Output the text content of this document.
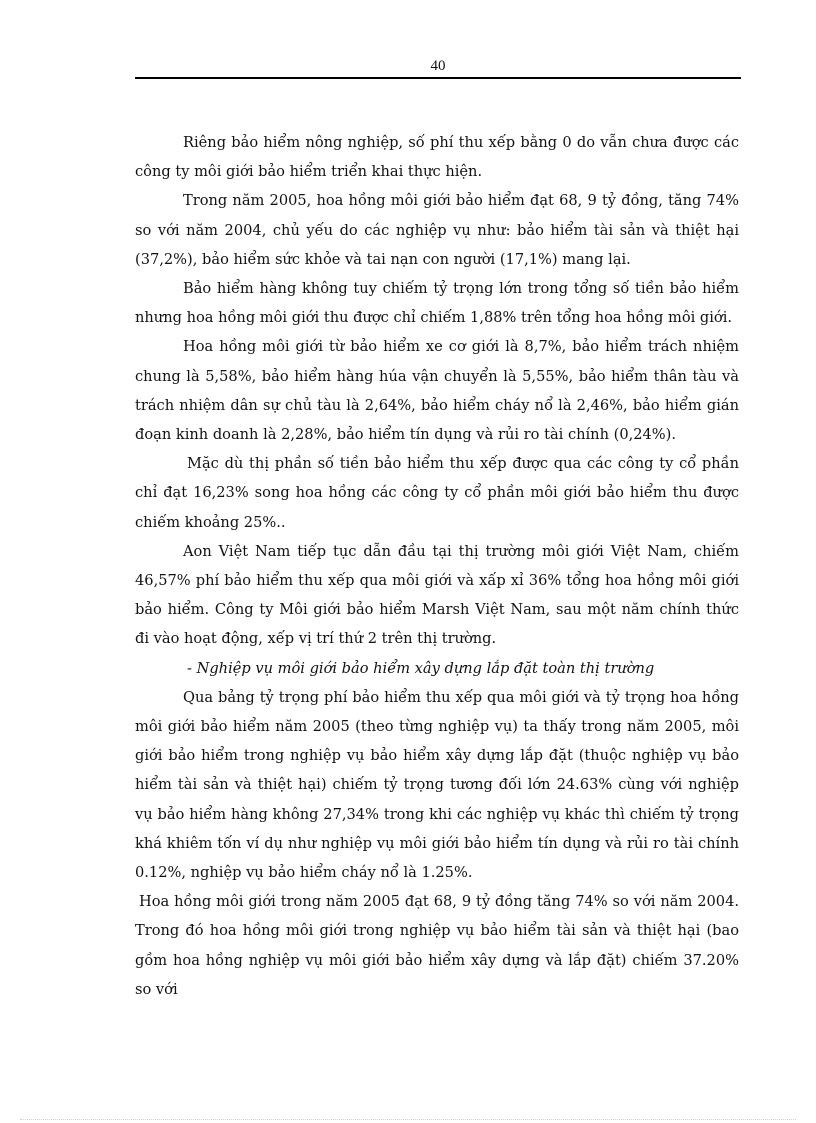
40

Riêng bảo hiểm nông nghiệp, số phí thu xếp bằng 0 do vẫn chưa được các công ty môi giới bảo hiểm triển khai thực hiện.

Trong năm 2005, hoa hồng môi giới bảo hiểm đạt 68, 9 tỷ đồng, tăng 74% so với năm 2004, chủ yếu do các nghiệp vụ như: bảo hiểm tài sản và thiệt hại (37,2%), bảo hiểm sức khỏe và tai nạn con người (17,1%) mang lại.

Bảo hiểm hàng không tuy chiếm tỷ trọng lớn trong tổng số tiền bảo hiểm nhưng hoa hồng môi giới thu được chỉ chiếm 1,88% trên tổng hoa hồng môi giới.

Hoa hồng môi giới từ bảo hiểm xe cơ giới là 8,7%, bảo hiểm trách nhiệm chung là 5,58%, bảo hiểm hàng húa vận chuyển là 5,55%, bảo hiểm thân tàu và trách nhiệm dân sự chủ tàu là 2,64%, bảo hiểm cháy nổ là 2,46%, bảo hiểm gián đoạn kinh doanh là 2,28%, bảo hiểm tín dụng và rủi ro tài chính (0,24%).

Mặc dù thị phần số tiền bảo hiểm thu xếp được qua các công ty cổ phần chỉ đạt 16,23% song hoa hồng các công ty cổ phần môi giới bảo hiểm thu được chiếm khoảng 25%..

Aon Việt Nam tiếp tục dẫn đầu tại thị trường môi giới Việt Nam, chiếm 46,57% phí bảo hiểm thu xếp qua môi giới và xấp xỉ 36% tổng hoa hồng môi giới bảo hiểm. Công ty Môi giới bảo hiểm Marsh Việt Nam, sau một năm chính thức đi vào hoạt động, xếp vị trí thứ 2 trên thị trường.

- Nghiệp vụ môi giới bảo hiểm xây dựng lắp đặt toàn thị trường

Qua bảng tỷ trọng phí bảo hiểm thu xếp qua môi giới và tỷ trọng hoa hồng môi giới bảo hiểm năm 2005 (theo từng nghiệp vụ) ta thấy trong năm 2005, môi giới bảo hiểm trong nghiệp vụ bảo hiểm xây dựng lắp đặt (thuộc nghiệp vụ bảo hiểm tài sản và thiệt hại) chiếm tỷ trọng tương đối lớn 24.63% cùng với nghiệp vụ bảo hiểm hàng không 27,34% trong khi các nghiệp vụ khác thì chiếm tỷ trọng khá khiêm tốn ví dụ như nghiệp vụ môi giới bảo hiểm tín dụng và rủi ro tài chính 0.12%, nghiệp vụ bảo hiểm cháy nổ là 1.25%.

Hoa hồng môi giới trong năm 2005 đạt 68, 9 tỷ đồng tăng 74% so với năm 2004. Trong đó hoa hồng môi giới trong nghiệp vụ bảo hiểm tài sản và thiệt hại (bao gồm hoa hồng nghiệp vụ môi giới bảo hiểm xây dựng và lắp đặt) chiếm 37.20% so với
